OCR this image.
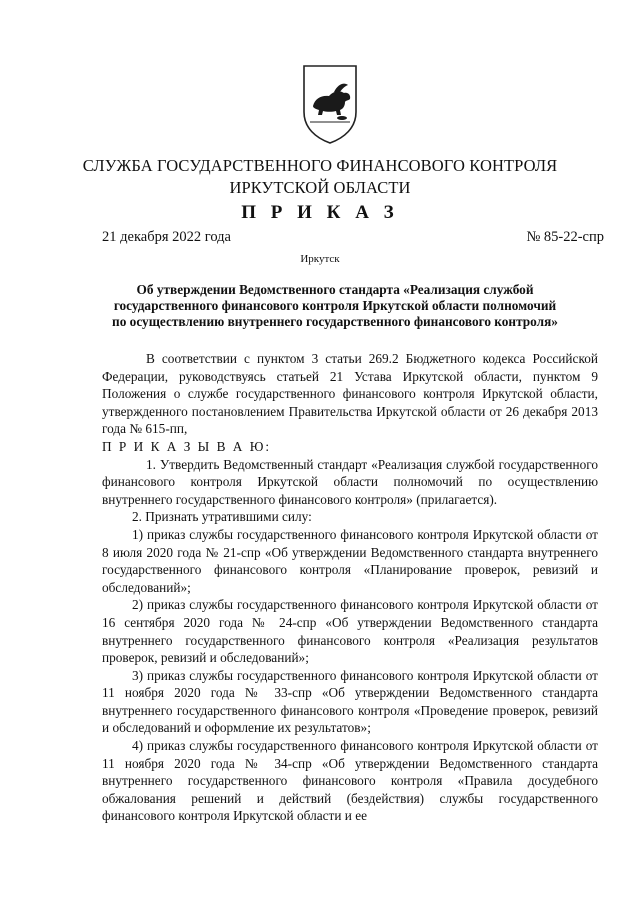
СЛУЖБА ГОСУДАРСТВЕННОГО ФИНАНСОВОГО КОНТРОЛЯ
ИРКУТСКОЙ ОБЛАСТИ
П Р И К А З
21 декабря 2022 года	№ 85-22-спр
Иркутск
Об утверждении Ведомственного стандарта «Реализация службой государственного финансового контроля Иркутской области полномочий по осуществлению внутреннего государственного финансового контроля»

В соответствии с пунктом 3 статьи 269.2 Бюджетного кодекса Российской Федерации, руководствуясь статьей 21 Устава Иркутской области, пунктом 9 Положения о службе государственного финансового контроля Иркутской области, утвержденного постановлением Правительства Иркутской области от 26 декабря 2013 года № 615-пп,

П Р И К А З Ы В А Ю:

1. Утвердить Ведомственный стандарт «Реализация службой государственного финансового контроля Иркутской области полномочий по осуществлению внутреннего государственного финансового контроля» (прилагается).

2. Признать утратившими силу:

1) приказ службы государственного финансового контроля Иркутской области от 8 июля 2020 года № 21-спр «Об утверждении Ведомственного стандарта внутреннего государственного финансового контроля «Планирование проверок, ревизий и обследований»;

2) приказ службы государственного финансового контроля Иркутской области от 16 сентября 2020 года № 24-спр «Об утверждении Ведомственного стандарта внутреннего государственного финансового контроля «Реализация результатов проверок, ревизий и обследований»;

3) приказ службы государственного финансового контроля Иркутской области от 11 ноября 2020 года № 33-спр «Об утверждении Ведомственного стандарта внутреннего государственного финансового контроля «Проведение проверок, ревизий и обследований и оформление их результатов»;

4) приказ службы государственного финансового контроля Иркутской области от 11 ноября 2020 года № 34-спр «Об утверждении Ведомственного стандарта внутреннего государственного финансового контроля «Правила досудебного обжалования решений и действий (бездействия) службы государственного финансового контроля Иркутской области и ее
